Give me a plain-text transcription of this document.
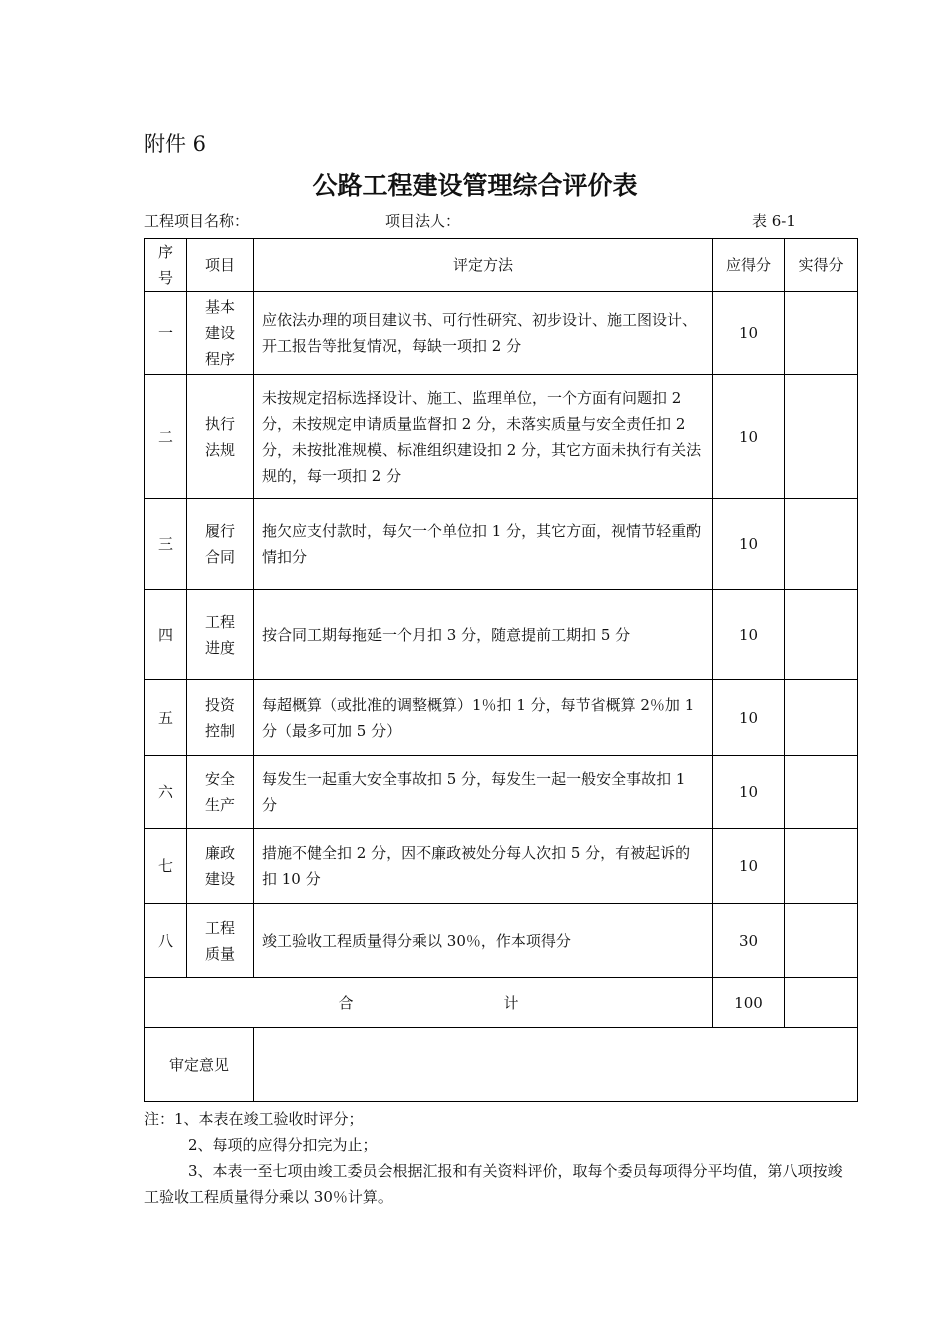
附件 6
公路工程建设管理综合评价表
工程项目名称：	项目法人：	表 6-1
序号	项目	评定方法	应得分	实得分
一	基本建设程序	应依法办理的项目建议书、可行性研究、初步设计、施工图设计、开工报告等批复情况，每缺一项扣 2 分	10	
二	执行法规	未按规定招标选择设计、施工、监理单位，一个方面有问题扣 2 分，未按规定申请质量监督扣 2 分，未落实质量与安全责任扣 2 分，未按批准规模、标准组织建设扣 2 分，其它方面未执行有关法规的，每一项扣 2 分	10	
三	履行合同	拖欠应支付款时，每欠一个单位扣 1 分，其它方面，视情节轻重酌情扣分	10	
四	工程进度	按合同工期每拖延一个月扣 3 分，随意提前工期扣 5 分	10	
五	投资控制	每超概算（或批准的调整概算）1％扣 1 分，每节省概算 2％加 1 分（最多可加 5 分）	10	
六	安全生产	每发生一起重大安全事故扣 5 分，每发生一起一般安全事故扣 1 分	10	
七	廉政建设	措施不健全扣 2 分，因不廉政被处分每人次扣 5 分，有被起诉的扣 10 分	10	
八	工程质量	竣工验收工程质量得分乘以 30％，作本项得分	30	
合 计			100	
审定意见				
注：1、本表在竣工验收时评分；
2、每项的应得分扣完为止；
3、本表一至七项由竣工委员会根据汇报和有关资料评价，取每个委员每项得分平均值，第八项按竣工验收工程质量得分乘以 30％计算。
